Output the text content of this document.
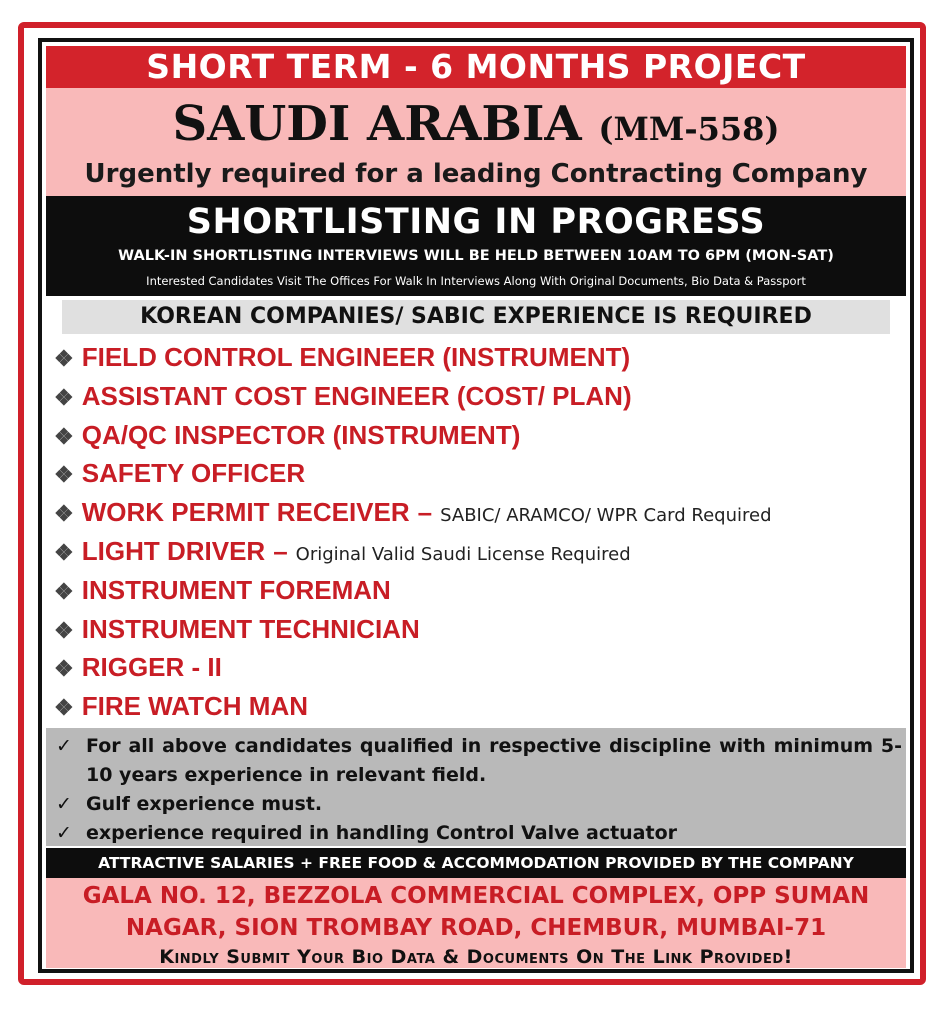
SHORT TERM - 6 MONTHS PROJECT
SAUDI ARABIA (MM-558)
Urgently required for a leading Contracting Company
SHORTLISTING IN PROGRESS
WALK-IN SHORTLISTING INTERVIEWS WILL BE HELD BETWEEN 10AM TO 6PM (MON-SAT)
Interested Candidates Visit The Offices For Walk In Interviews Along With Original Documents, Bio Data & Passport
KOREAN COMPANIES/ SABIC EXPERIENCE IS REQUIRED
❖ FIELD CONTROL ENGINEER (INSTRUMENT)
❖ ASSISTANT COST ENGINEER (COST/ PLAN)
❖ QA/QC INSPECTOR (INSTRUMENT)
❖ SAFETY OFFICER
❖ WORK PERMIT RECEIVER – SABIC/ ARAMCO/ WPR Card Required
❖ LIGHT DRIVER – Original Valid Saudi License Required
❖ INSTRUMENT FOREMAN
❖ INSTRUMENT TECHNICIAN
❖ RIGGER - II
❖ FIRE WATCH MAN
✓ For all above candidates qualified in respective discipline with minimum 5-10 years experience in relevant field.
✓ Gulf experience must.
✓ experience required in handling Control Valve actuator
ATTRACTIVE SALARIES + FREE FOOD & ACCOMMODATION PROVIDED BY THE COMPANY
GALA NO. 12, BEZZOLA COMMERCIAL COMPLEX, OPP SUMAN
NAGAR, SION TROMBAY ROAD, CHEMBUR, MUMBAI-71
Kindly Submit Your Bio Data & Documents On The Link Provided!
